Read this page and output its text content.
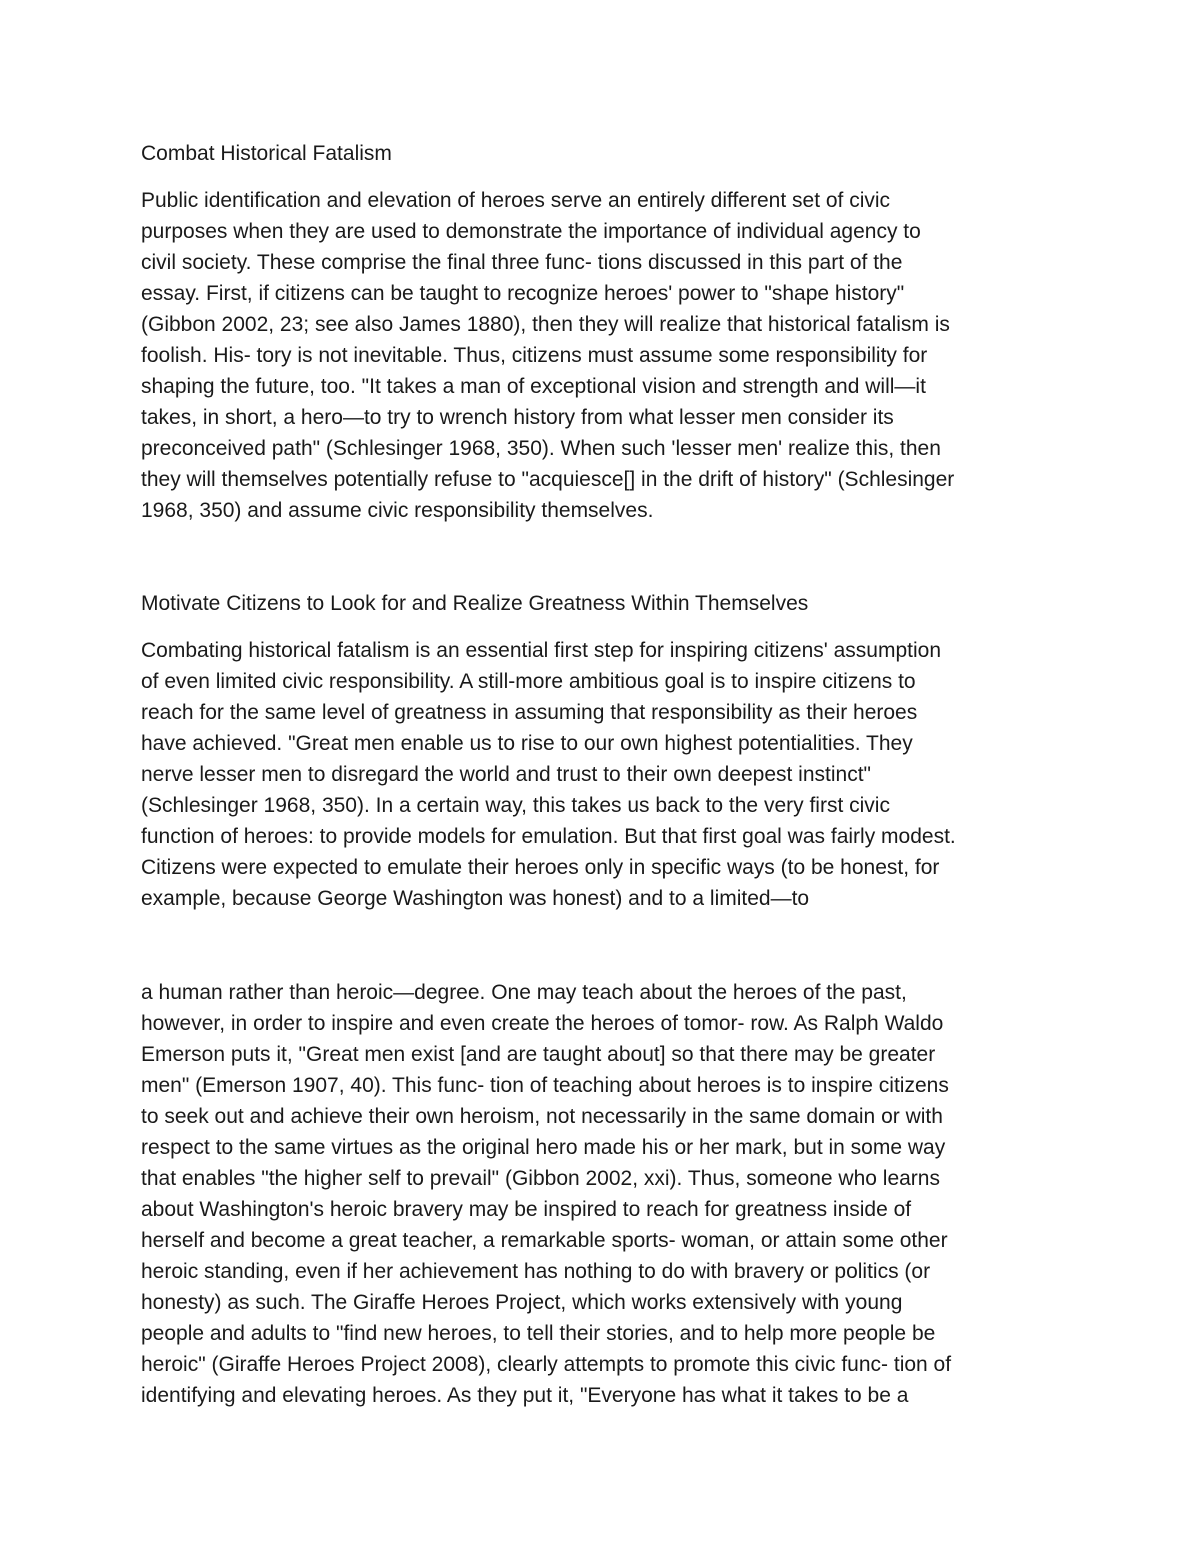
Combat Historical Fatalism

Public identification and elevation of heroes serve an entirely different set of civic
purposes when they are used to demonstrate the importance of individual agency to
civil society. These comprise the final three func- tions discussed in this part of the
essay. First, if citizens can be taught to recognize heroes' power to "shape history"
(Gibbon 2002, 23; see also James 1880), then they will realize that historical fatalism is
foolish. His- tory is not inevitable. Thus, citizens must assume some responsibility for
shaping the future, too. "It takes a man of exceptional vision and strength and will—it
takes, in short, a hero—to try to wrench history from what lesser men consider its
preconceived path" (Schlesinger 1968, 350). When such 'lesser men' realize this, then
they will themselves potentially refuse to "acquiesce[] in the drift of history" (Schlesinger
1968, 350) and assume civic responsibility themselves.

Motivate Citizens to Look for and Realize Greatness Within Themselves

Combating historical fatalism is an essential first step for inspiring citizens' assumption
of even limited civic responsibility. A still-more ambitious goal is to inspire citizens to
reach for the same level of greatness in assuming that responsibility as their heroes
have achieved. "Great men enable us to rise to our own highest potentialities. They
nerve lesser men to disregard the world and trust to their own deepest instinct"
(Schlesinger 1968, 350). In a certain way, this takes us back to the very first civic
function of heroes: to provide models for emulation. But that first goal was fairly modest.
Citizens were expected to emulate their heroes only in specific ways (to be honest, for
example, because George Washington was honest) and to a limited—to

a human rather than heroic—degree. One may teach about the heroes of the past,
however, in order to inspire and even create the heroes of tomor- row. As Ralph Waldo
Emerson puts it, "Great men exist [and are taught about] so that there may be greater
men" (Emerson 1907, 40). This func- tion of teaching about heroes is to inspire citizens
to seek out and achieve their own heroism, not necessarily in the same domain or with
respect to the same virtues as the original hero made his or her mark, but in some way
that enables "the higher self to prevail" (Gibbon 2002, xxi). Thus, someone who learns
about Washington's heroic bravery may be inspired to reach for greatness inside of
herself and become a great teacher, a remarkable sports- woman, or attain some other
heroic standing, even if her achievement has nothing to do with bravery or politics (or
honesty) as such. The Giraffe Heroes Project, which works extensively with young
people and adults to "find new heroes, to tell their stories, and to help more people be
heroic" (Giraffe Heroes Project 2008), clearly attempts to promote this civic func- tion of
identifying and elevating heroes. As they put it, "Everyone has what it takes to be a
